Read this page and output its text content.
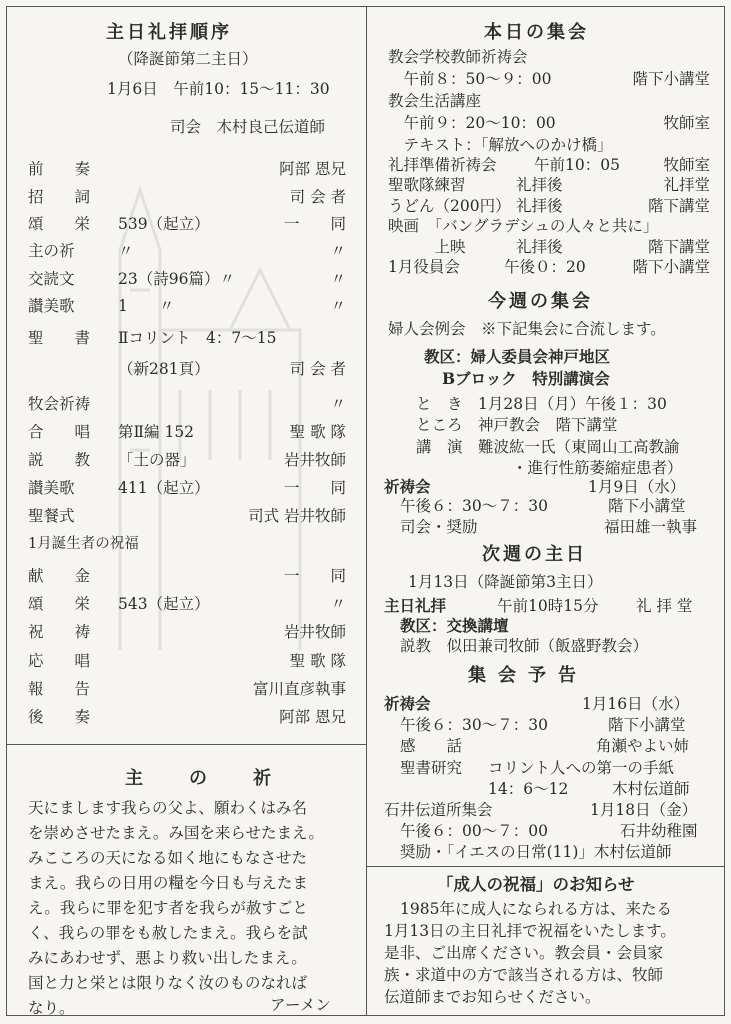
主日礼拝順序
（降誕節第二主日）
1月6日　午前10：15～11：30
司会　木村良己伝道師
前　　奏	阿部 恩兄
招　　詞	司 会 者
頌　　栄 539（起立）	一　　同
主の祈	〃	〃
交読文	23（詩96篇）〃	〃
讃美歌	1　　〃	〃
聖　　書 Ⅱコリント　4：7～15
（新281頁）	司 会 者
牧会祈祷	〃
合　　唱 第Ⅱ編 152	聖 歌 隊
説　　教 「土の器」	岩井牧師
讃美歌	411（起立）	一　　同
聖餐式	司式 岩井牧師
1月誕生者の祝福
献　　金	一　　同
頌　　栄 543（起立）	〃
祝　　祷	岩井牧師
応　　唱	聖 歌 隊
報　　告	富川直彦執事
後　　奏	阿部 恩兄
主　の　祈
天にまします我らの父よ、願わくはみ名
を崇めさせたまえ。み国を来らせたまえ。
みこころの天になる如く地にもなさせた
まえ。我らの日用の糧を今日も与えたま
え。我らに罪を犯す者を我らが赦すごと
く、我らの罪をも赦したまえ。我らを試
みにあわせず、悪より救い出したまえ。
国と力と栄とは限りなく汝のものなれば
なり。	アーメン
本日の集会
教会学校教師祈祷会
　午前８：50～９：00	階下小講堂
教会生活講座
　午前９：20～10：00	牧師室
　テキスト：「解放へのかけ橋」
礼拝準備祈祷会 午前10：05	牧師室
聖歌隊練習	礼拝後	礼拝堂
うどん（200円） 礼拝後	階下講堂
映画　「バングラデシュの人々と共に」
　　　上映	礼拝後	階下講堂
1月役員会	午後０：20	階下小講堂
今週の集会
婦人会例会　※下記集会に合流します。
教区：婦人委員会神戸地区
Bブロック　特別講演会
と　き　1月28日（月）午後１：30
ところ　神戸教会　階下講堂
講　演　難波紘一氏（東岡山工高教諭
・進行性筋萎縮症患者）
祈祷会	1月9日（水）
午後６：30～７：30	階下小講堂
司会・奨励	福田雄一執事
次週の主日
1月13日（降誕節第3主日）
主日礼拝	午前10時15分 礼 拝 堂
教区：交換講壇
説教　似田兼司牧師（飯盛野教会）
集会予告
祈祷会	1月16日（水）
午後６：30～７：30	階下小講堂
感　　話	角瀬やよい姉
聖書研究 コリント人への第一の手紙
14：6～12	木村伝道師
石井伝道所集会	1月18日（金）
午後６：00～７：00	石井幼稚園
奨励・「イエスの日常(11)」木村伝道師
「成人の祝福」のお知らせ
1985年に成人になられる方は、来たる
1月13日の主日礼拝で祝福をいたします。
是非、ご出席ください。教会員・会員家
族・求道中の方で該当される方は、牧師
伝道師までお知らせください。
